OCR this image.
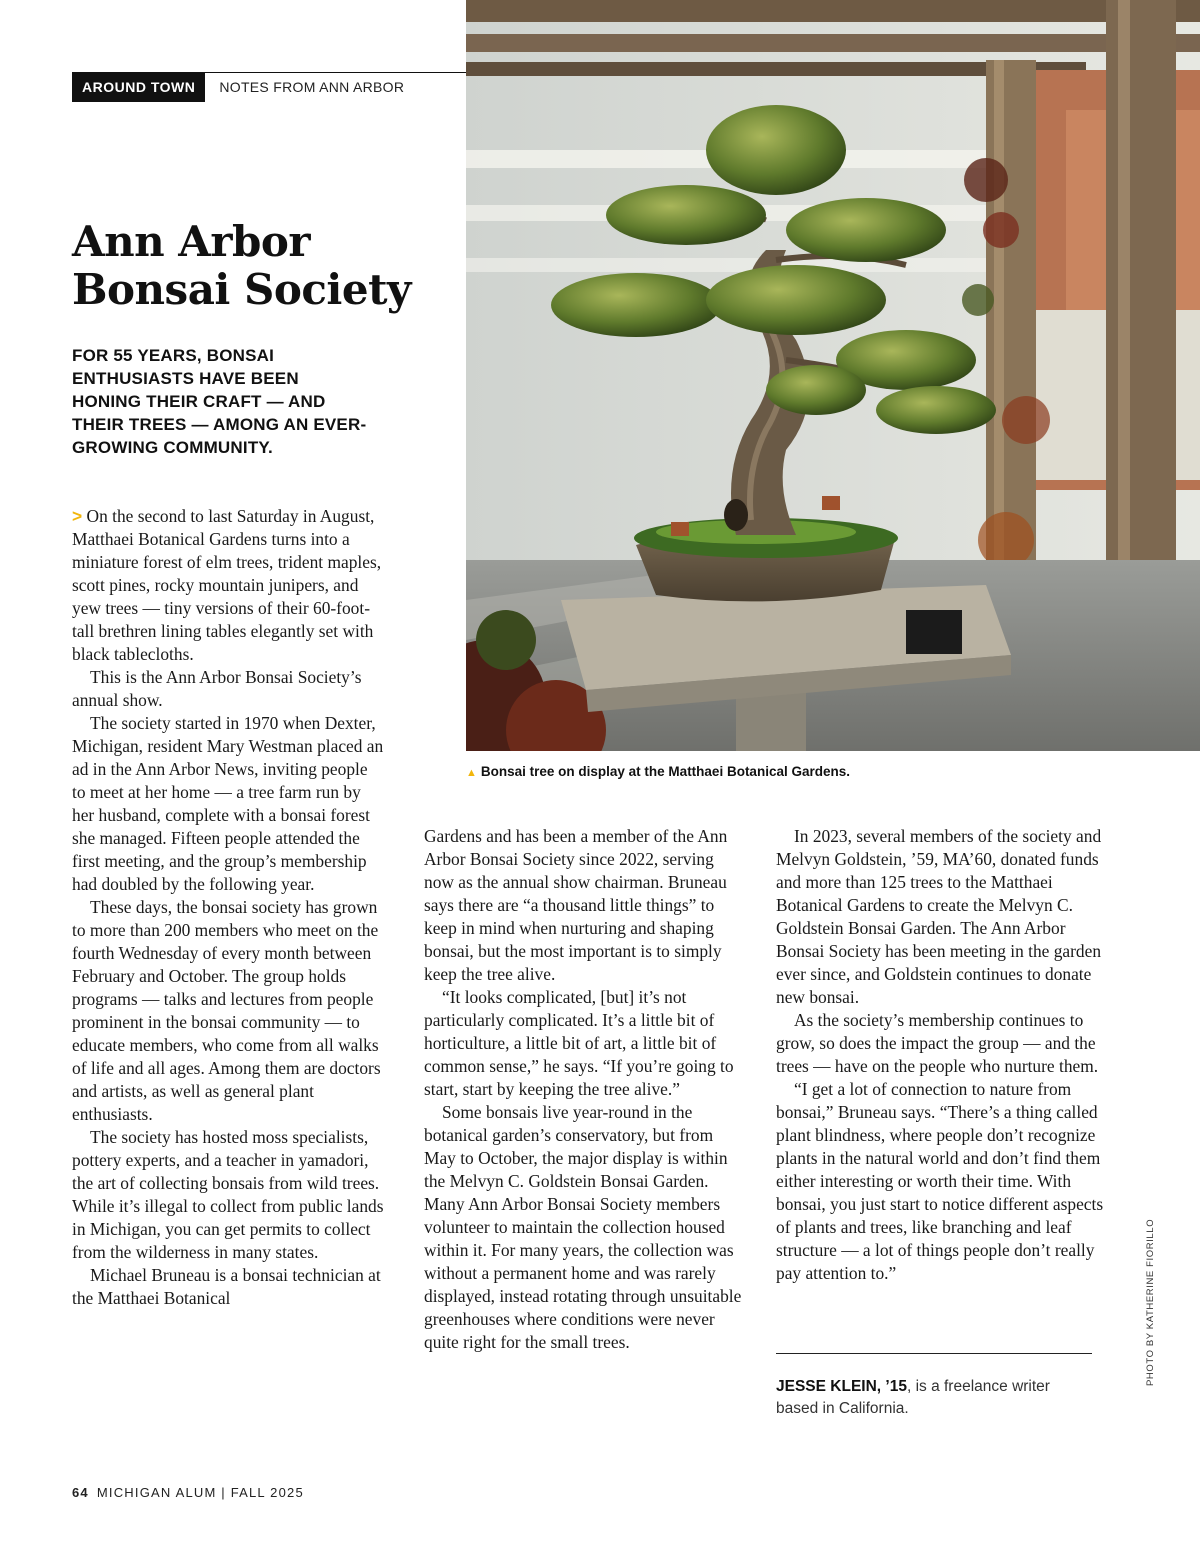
AROUND TOWN	NOTES FROM ANN ARBOR
Ann Arbor
Bonsai Society
FOR 55 YEARS, BONSAI ENTHUSIASTS HAVE BEEN HONING THEIR CRAFT — AND THEIR TREES — AMONG AN EVER-GROWING COMMUNITY.
▲ Bonsai tree on display at the Matthaei Botanical Gardens.
PHOTO BY KATHERINE FIORILLO

> On the second to last Saturday in August, Matthaei Botanical Gardens turns into a miniature forest of elm trees, trident maples, scott pines, rocky mountain junipers, and yew trees — tiny versions of their 60-foot-tall brethren lining tables elegantly set with black tablecloths.

This is the Ann Arbor Bonsai Society’s annual show.

The society started in 1970 when Dexter, Michigan, resident Mary Westman placed an ad in the Ann Arbor News, inviting people to meet at her home — a tree farm run by her husband, complete with a bonsai forest she managed. Fifteen people attended the first meeting, and the group’s membership had doubled by the following year.

These days, the bonsai society has grown to more than 200 members who meet on the fourth Wednesday of every month between February and October. The group holds programs — talks and lectures from people prominent in the bonsai community — to educate members, who come from all walks of life and all ages. Among them are doctors and artists, as well as general plant enthusiasts.

The society has hosted moss specialists, pottery experts, and a teacher in yamadori, the art of collecting bonsais from wild trees. While it’s illegal to collect from public lands in Michigan, you can get permits to collect from the wilderness in many states.

Michael Bruneau is a bonsai technician at the Matthaei Botanical

Gardens and has been a member of the Ann Arbor Bonsai Society since 2022, serving now as the annual show chairman. Bruneau says there are “a thousand little things” to keep in mind when nurturing and shaping bonsai, but the most important is to simply keep the tree alive.

“It looks complicated, [but] it’s not particularly complicated. It’s a little bit of horticulture, a little bit of art, a little bit of common sense,” he says. “If you’re going to start, start by keeping the tree alive.”

Some bonsais live year-round in the botanical garden’s conservatory, but from May to October, the major display is within the Melvyn C. Goldstein Bonsai Garden. Many Ann Arbor Bonsai Society members volunteer to maintain the collection housed within it. For many years, the collection was without a permanent home and was rarely displayed, instead rotating through unsuitable greenhouses where conditions were never quite right for the small trees.

In 2023, several members of the society and Melvyn Goldstein, ’59, MA’60, donated funds and more than 125 trees to the Matthaei Botanical Gardens to create the Melvyn C. Goldstein Bonsai Garden. The Ann Arbor Bonsai Society has been meeting in the garden ever since, and Goldstein continues to donate new bonsai.

As the society’s membership continues to grow, so does the impact the group — and the trees — have on the people who nurture them.

“I get a lot of connection to nature from bonsai,” Bruneau says. “There’s a thing called plant blindness, where people don’t recognize plants in the natural world and don’t find them either interesting or worth their time. With bonsai, you just start to notice different aspects of plants and trees, like branching and leaf structure — a lot of things people don’t really pay attention to.”

JESSE KLEIN, ’15, is a freelance writer based in California.
64 MICHIGAN ALUM | FALL 2025
